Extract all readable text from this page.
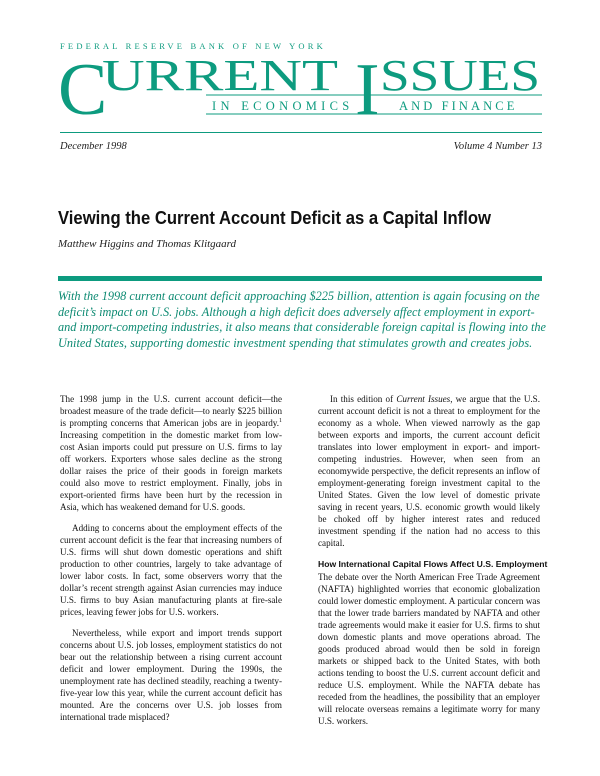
FEDERAL RESERVE BANK OF NEW YORK
C
URRENT I SSUES
IN ECONOMICS	AND FINANCE
December 1998	Volume 4 Number 13
Viewing the Current Account Deficit as a Capital Inflow
Matthew Higgins and Thomas Klitgaard
With the 1998 current account deficit approaching $225 billion, attention is again focusing on the deficit’s impact on U.S. jobs. Although a high deficit does adversely affect employment in export- and import-competing industries, it also means that considerable foreign capital is flowing into the United States, supporting domestic investment spending that stimulates growth and creates jobs.

The 1998 jump in the U.S. current account deficit—the broadest measure of the trade deficit—to nearly $225 billion is prompting concerns that American jobs are in jeopardy.$^1$ Increasing competition in the domestic market from low-cost Asian imports could put pressure on U.S. firms to lay off workers. Exporters whose sales decline as the strong dollar raises the price of their goods in foreign markets could also move to restrict employment. Finally, jobs in export-oriented firms have been hurt by the recession in Asia, which has weakened demand for U.S. goods.

Adding to concerns about the employment effects of the current account deficit is the fear that increasing numbers of U.S. firms will shut down domestic operations and shift production to other countries, largely to take advantage of lower labor costs. In fact, some observers worry that the dollar’s recent strength against Asian currencies may induce U.S. firms to buy Asian manufacturing plants at fire-sale prices, leaving fewer jobs for U.S. workers.

Nevertheless, while export and import trends support concerns about U.S. job losses, employment statistics do not bear out the relationship between a rising current account deficit and lower employment. During the 1990s, the unemployment rate has declined steadily, reaching a twenty-five-year low this year, while the current account deficit has mounted. Are the concerns over U.S. job losses from international trade misplaced?

In this edition of Current Issues, we argue that the U.S. current account deficit is not a threat to employment for the economy as a whole. When viewed narrowly as the gap between exports and imports, the current account deficit translates into lower employment in export- and import-competing industries. However, when seen from an economywide perspective, the deficit represents an inflow of employment-generating foreign investment capital to the United States. Given the low level of domestic private saving in recent years, U.S. economic growth would likely be choked off by higher interest rates and reduced investment spending if the nation had no access to this capital.

How International Capital Flows Affect U.S. Employment

The debate over the North American Free Trade Agreement (NAFTA) highlighted worries that economic globalization could lower domestic employment. A particular concern was that the lower trade barriers mandated by NAFTA and other trade agreements would make it easier for U.S. firms to shut down domestic plants and move operations abroad. The goods produced abroad would then be sold in foreign markets or shipped back to the United States, with both actions tending to boost the U.S. current account deficit and reduce U.S. employment. While the NAFTA debate has receded from the headlines, the possibility that an employer will relocate overseas remains a legitimate worry for many U.S. workers.
